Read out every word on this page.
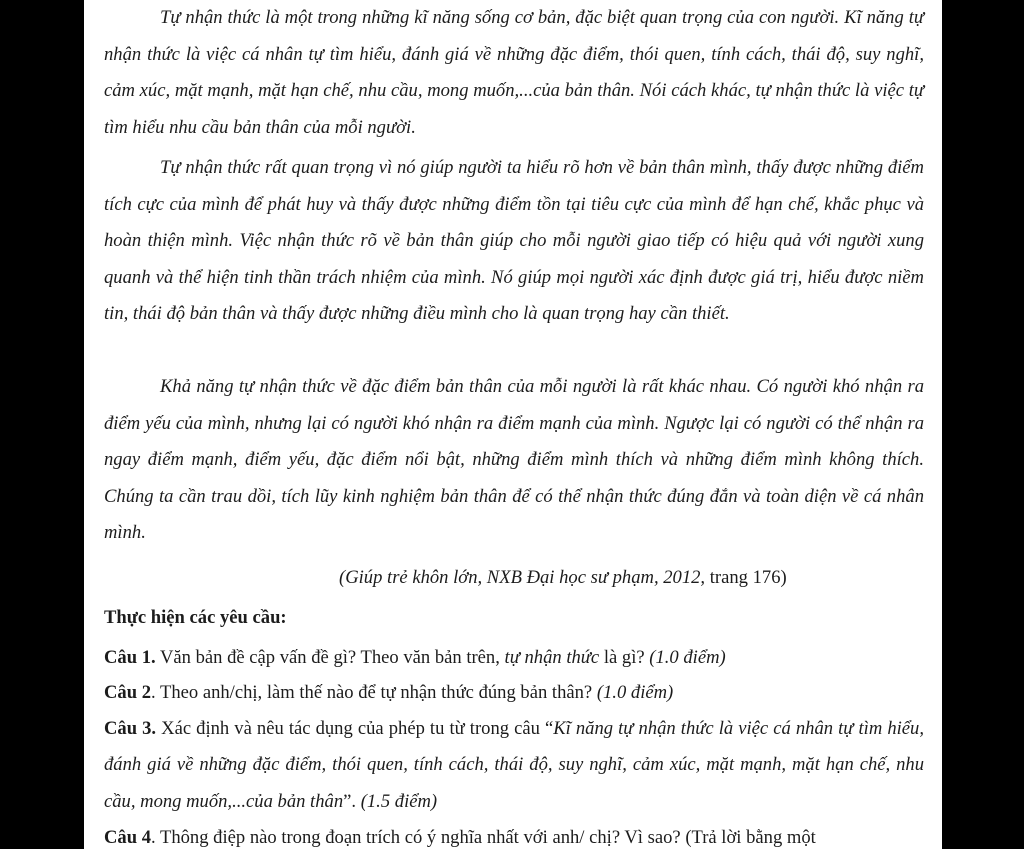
Tự nhận thức là một trong những kĩ năng sống cơ bản, đặc biệt quan trọng của con người. Kĩ năng tự nhận thức là việc cá nhân tự tìm hiểu, đánh giá về những đặc điểm, thói quen, tính cách, thái độ, suy nghĩ, cảm xúc, mặt mạnh, mặt hạn chế, nhu cầu, mong muốn,...của bản thân. Nói cách khác, tự nhận thức là việc tự tìm hiểu nhu cầu bản thân của mỗi người.

Tự nhận thức rất quan trọng vì nó giúp người ta hiểu rõ hơn về bản thân mình, thấy được những điểm tích cực của mình để phát huy và thấy được những điểm tồn tại tiêu cực của mình để hạn chế, khắc phục và hoàn thiện mình. Việc nhận thức rõ về bản thân giúp cho mỗi người giao tiếp có hiệu quả với người xung quanh và thể hiện tinh thần trách nhiệm của mình. Nó giúp mọi người xác định được giá trị, hiểu được niềm tin, thái độ bản thân và thấy được những điều mình cho là quan trọng hay cần thiết.

Khả năng tự nhận thức về đặc điểm bản thân của mỗi người là rất khác nhau. Có người khó nhận ra điểm yếu của mình, nhưng lại có người khó nhận ra điểm mạnh của mình. Ngược lại có người có thể nhận ra ngay điểm mạnh, điểm yếu, đặc điểm nổi bật, những điểm mình thích và những điểm mình không thích. Chúng ta cần trau dồi, tích lũy kinh nghiệm bản thân để có thể nhận thức đúng đắn và toàn diện về cá nhân mình.

(Giúp trẻ khôn lớn, NXB Đại học sư phạm, 2012, trang 176)

Thực hiện các yêu cầu:

Câu 1. Văn bản đề cập vấn đề gì? Theo văn bản trên, tự nhận thức là gì? (1.0 điểm)

Câu 2. Theo anh/chị, làm thế nào để tự nhận thức đúng bản thân? (1.0 điểm)

Câu 3. Xác định và nêu tác dụng của phép tu từ trong câu “Kĩ năng tự nhận thức là việc cá nhân tự tìm hiểu, đánh giá về những đặc điểm, thói quen, tính cách, thái độ, suy nghĩ, cảm xúc, mặt mạnh, mặt hạn chế, nhu cầu, mong muốn,...của bản thân”. (1.5 điểm)

Câu 4. Thông điệp nào trong đoạn trích có ý nghĩa nhất với anh/ chị? Vì sao? (Trả lời bằng một
